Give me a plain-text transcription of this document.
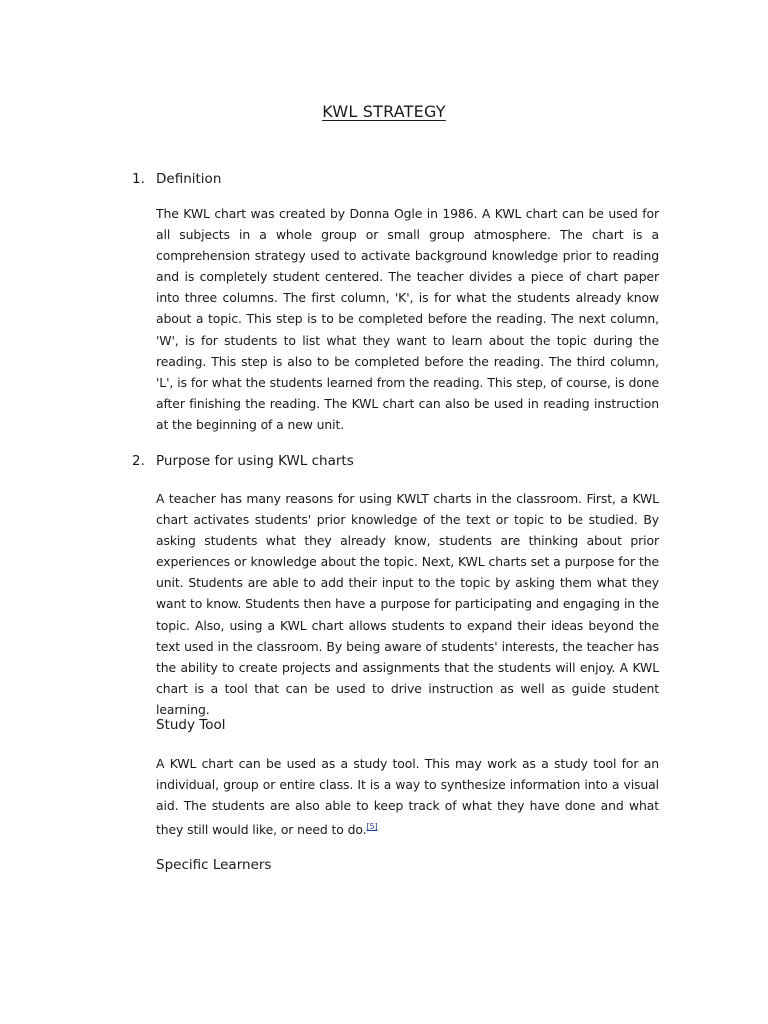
KWL STRATEGY
1. Definition

The KWL chart was created by Donna Ogle in 1986. A KWL chart can be used for all subjects in a whole group or small group atmosphere. The chart is a comprehension strategy used to activate background knowledge prior to reading and is completely student centered. The teacher divides a piece of chart paper into three columns. The first column, 'K', is for what the students already know about a topic. This step is to be completed before the reading. The next column, 'W', is for students to list what they want to learn about the topic during the reading. This step is also to be completed before the reading. The third column, 'L', is for what the students learned from the reading. This step, of course, is done after finishing the reading. The KWL chart can also be used in reading instruction at the beginning of a new unit.

2. Purpose for using KWL charts

A teacher has many reasons for using KWLT charts in the classroom. First, a KWL chart activates students' prior knowledge of the text or topic to be studied. By asking students what they already know, students are thinking about prior experiences or knowledge about the topic. Next, KWL charts set a purpose for the unit. Students are able to add their input to the topic by asking them what they want to know. Students then have a purpose for participating and engaging in the topic. Also, using a KWL chart allows students to expand their ideas beyond the text used in the classroom. By being aware of students' interests, the teacher has the ability to create projects and assignments that the students will enjoy. A KWL chart is a tool that can be used to drive instruction as well as guide student learning.

Study Tool

A KWL chart can be used as a study tool. This may work as a study tool for an individual, group or entire class. It is a way to synthesize information into a visual aid. The students are also able to keep track of what they have done and what they still would like, or need to do.[5]

Specific Learners
